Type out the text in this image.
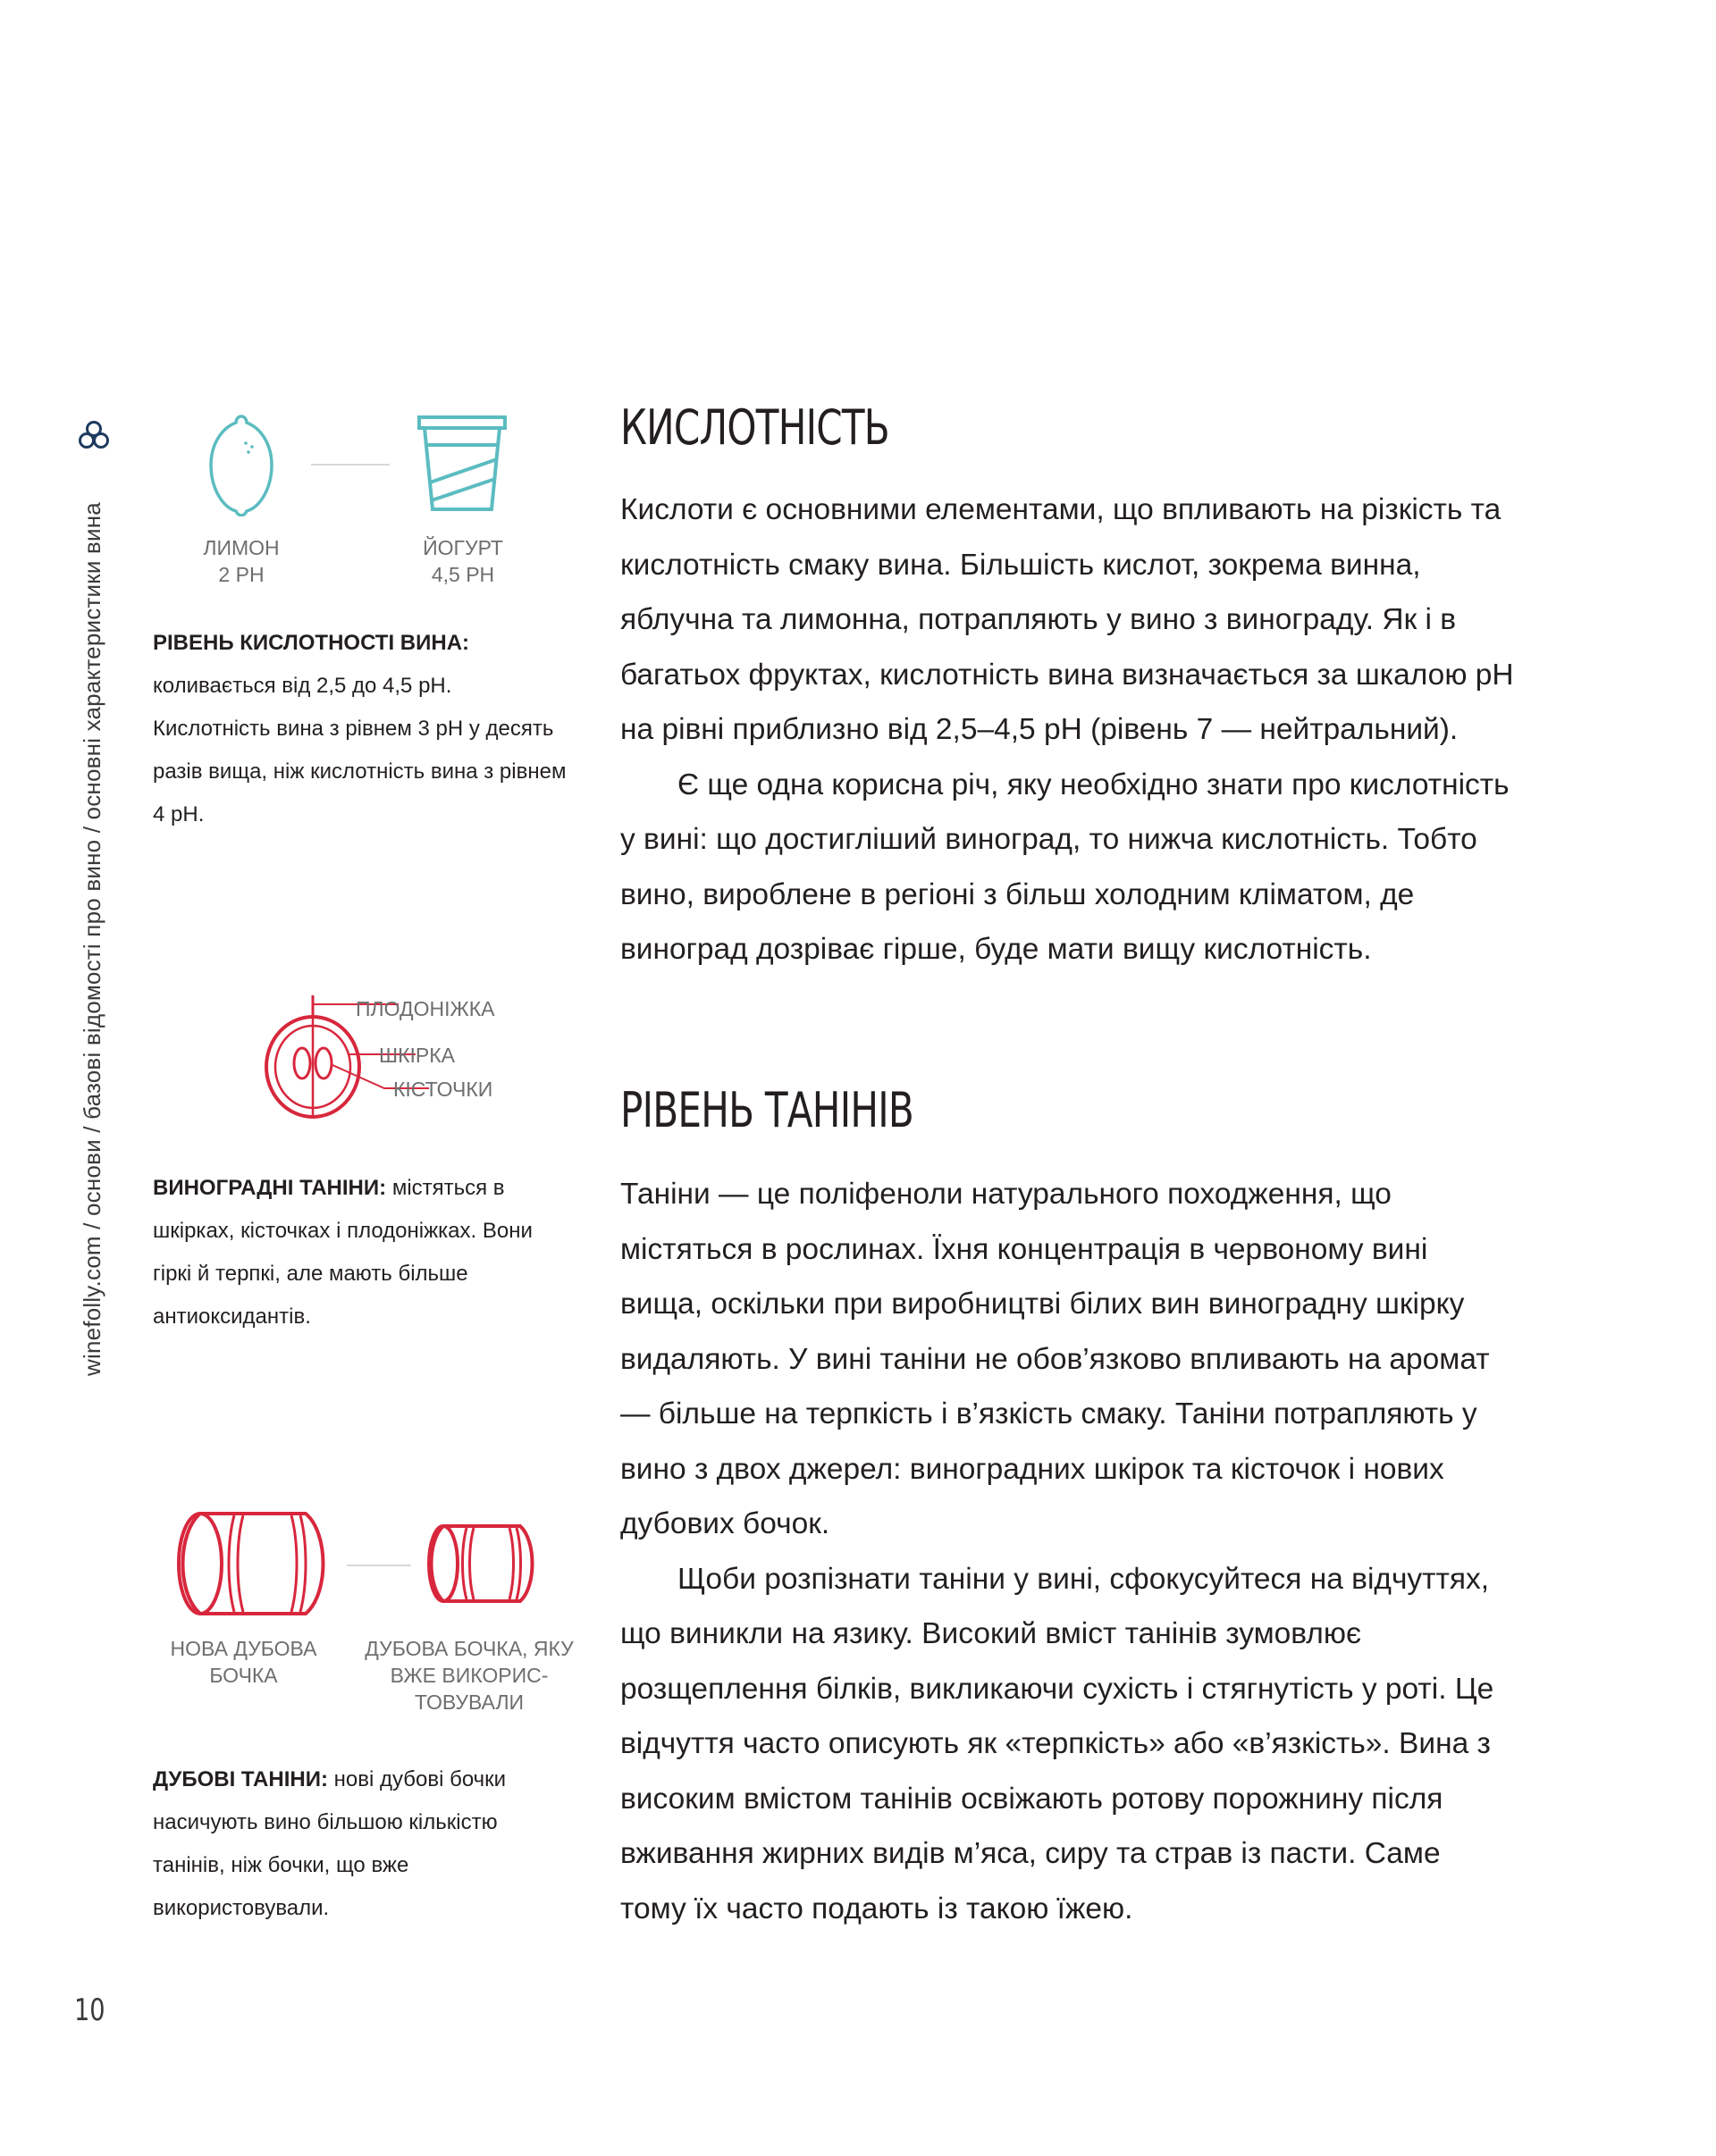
winefolly.com / основи / базові відомості про вино / основні характеристики вина	ЛИМОН
2 PH
ЙОГУРТ
4,5 PH
РІВЕНЬ КИСЛОТНОСТІ ВИНА: коливається від 2,5 до 4,5 pH. Кислотність вина з рівнем 3 pH у десять разів вища, ніж кислотність вина з рівнем 4 pH.
ПЛОДОНІЖКА
ШКІРКА
КІСТОЧКИ
ВИНОГРАДНІ ТАНІНИ: містяться в шкірках, кісточках і плодоніжках. Вони гіркі й терпкі, але мають більше антиоксидантів.
НОВА ДУБОВА БОЧКА
ДУБОВА БОЧКА, ЯКУ ВЖЕ ВИКОРИС-ТОВУВАЛИ
ДУБОВІ ТАНІНИ: нові дубові бочки насичують вино більшою кількістю танінів, ніж бочки, що вже використовували.
КИСЛОТНІСТЬ
Кислоти є основними елементами, що впливають на різкість та кислотність смаку вина. Більшість кислот, зокрема винна, яблучна та лимонна, потрапляють у вино з винограду. Як і в багатьох фруктах, кислотність вина визначається за шкалою pH на рівні приблизно від 2,5–4,5 pH (рівень 7 — нейтральний).
Є ще одна корисна річ, яку необхідно знати про кислотність у вині: що достигліший виноград, то нижча кислотність. Тобто вино, вироблене в регіоні з більш холодним кліматом, де виноград дозріває гірше, буде мати вищу кислотність.
РІВЕНЬ ТАНІНІВ
Таніни — це поліфеноли натурального походження, що містяться в рослинах. Їхня концентрація в червоному вині вища, оскільки при виробництві білих вин виноградну шкірку видаляють. У вині таніни не обов’язково впливають на аромат — більше на терпкість і в’язкість смаку. Таніни потрапляють у вино з двох джерел: виноградних шкірок та кісточок і нових дубових бочок.
Щоби розпізнати таніни у вині, сфокусуйтеся на відчуттях, що виникли на язику. Високий вміст танінів зумовлює розщеплення білків, викликаючи сухість і стягнутість у роті. Це відчуття часто описують як «терпкість» або «в’язкість». Вина з високим вмістом танінів освіжають ротову порожнину після вживання жирних видів м’яса, сиру та страв із пасти. Саме тому їх часто подають із такою їжею.
10
